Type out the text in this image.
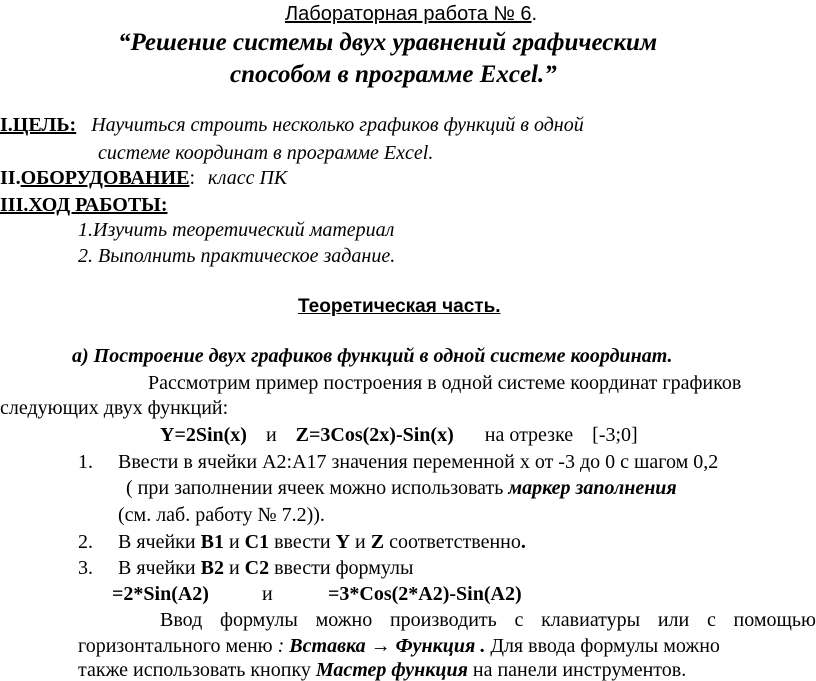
Лабораторная работа № 6.
“Решение системы двух уравнений графическим
способом в программе Excel.”
I.ЦЕЛЬ: Научиться строить несколько графиков функций в одной
системе координат в программе Excel.
II.ОБОРУДОВАНИЕ: класс ПК
III.ХОД РАБОТЫ:
1.Изучить теоретический материал
2. Выполнить практическое задание.
Теоретическая часть.
а) Построение двух графиков функций в одной системе координат.
Рассмотрим пример построения в одной системе координат графиков
следующих двух функций:
Y=2Sin(x) и Z=3Cos(2x)-Sin(x) на отрезке [-3;0]
1. Ввести в ячейки А2:А17 значения переменной х от -3 до 0 с шагом 0,2
( при заполнении ячеек можно использовать маркер заполнения
(см. лаб. работу № 7.2)).
2. В ячейки В1 и С1 ввести Y и Z соответственно.
3. В ячейки В2 и С2 ввести формулы
=2*Sin(A2)	и	=3*Cos(2*A2)-Sin(A2)
Ввод формулы можно производить с клавиатуры или с помощью
горизонтального меню : Вставка → Функция . Для ввода формулы можно
также использовать кнопку Мастер функция на панели инструментов.
